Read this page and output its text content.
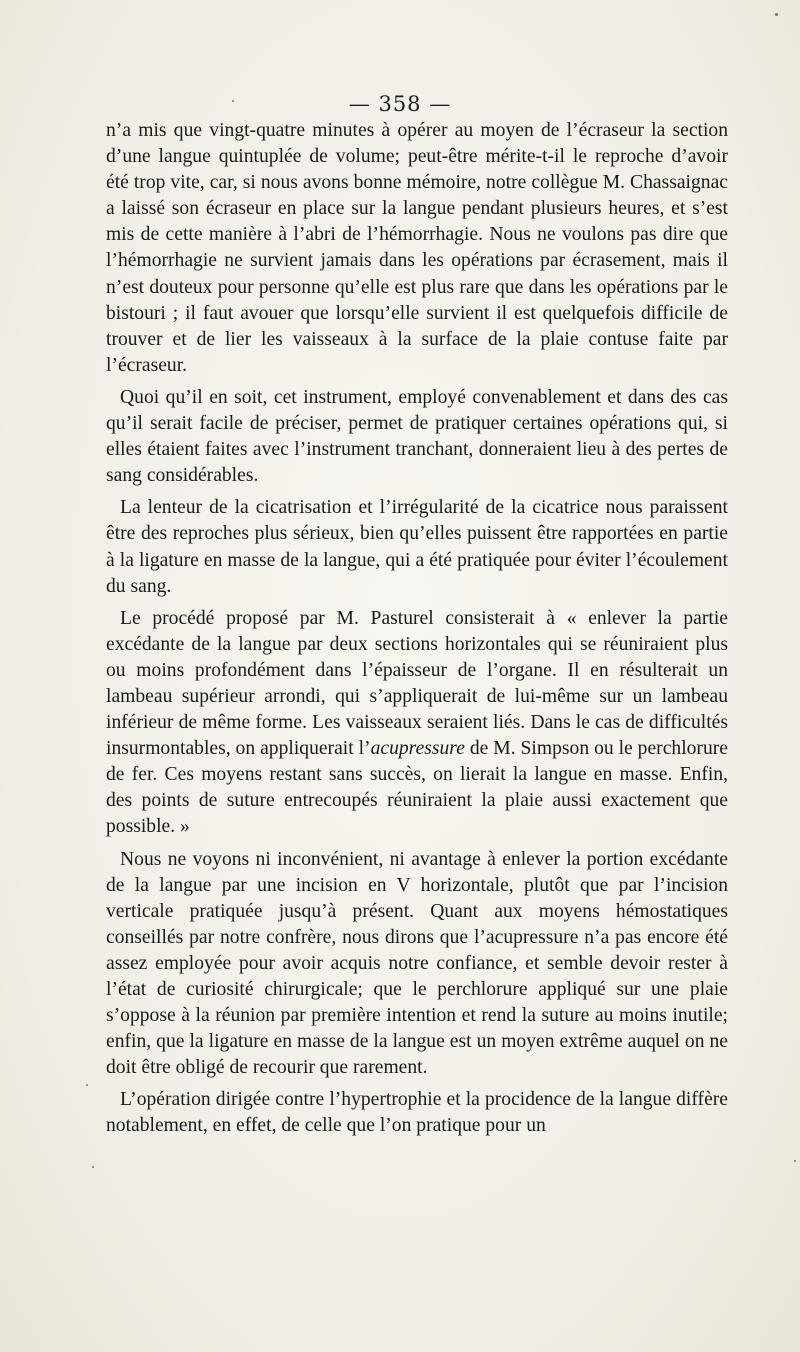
— 358 —

n’a mis que vingt-quatre minutes à opérer au moyen de l’écraseur la section d’une langue quintuplée de volume; peut-être mérite-t-il le reproche d’avoir été trop vite, car, si nous avons bonne mémoire, notre collègue M. Chassaignac a laissé son écraseur en place sur la langue pendant plusieurs heures, et s’est mis de cette manière à l’abri de l’hémorrhagie. Nous ne voulons pas dire que l’hémorrhagie ne survient jamais dans les opérations par écrasement, mais il n’est douteux pour personne qu’elle est plus rare que dans les opérations par le bistouri ; il faut avouer que lorsqu’elle survient il est quelquefois difficile de trouver et de lier les vaisseaux à la surface de la plaie contuse faite par l’écraseur.

Quoi qu’il en soit, cet instrument, employé convenablement et dans des cas qu’il serait facile de préciser, permet de pratiquer certaines opérations qui, si elles étaient faites avec l’instrument tranchant, donneraient lieu à des pertes de sang considérables.

La lenteur de la cicatrisation et l’irrégularité de la cicatrice nous paraissent être des reproches plus sérieux, bien qu’elles puissent être rapportées en partie à la ligature en masse de la langue, qui a été pratiquée pour éviter l’écoulement du sang.

Le procédé proposé par M. Pasturel consisterait à « enlever la partie excédante de la langue par deux sections horizontales qui se réuniraient plus ou moins profondément dans l’épaisseur de l’organe. Il en résulterait un lambeau supérieur arrondi, qui s’appliquerait de lui-même sur un lambeau inférieur de même forme. Les vaisseaux seraient liés. Dans le cas de difficultés insurmontables, on appliquerait l’acupressure de M. Simpson ou le perchlorure de fer. Ces moyens restant sans succès, on lierait la langue en masse. Enfin, des points de suture entrecoupés réuniraient la plaie aussi exactement que possible. »

Nous ne voyons ni inconvénient, ni avantage à enlever la portion excédante de la langue par une incision en V horizontale, plutôt que par l’incision verticale pratiquée jusqu’à présent. Quant aux moyens hémostatiques conseillés par notre confrère, nous dirons que l’acupressure n’a pas encore été assez employée pour avoir acquis notre confiance, et semble devoir rester à l’état de curiosité chirurgicale; que le perchlorure appliqué sur une plaie s’oppose à la réunion par première intention et rend la suture au moins inutile; enfin, que la ligature en masse de la langue est un moyen extrême auquel on ne doit être obligé de recourir que rarement.

L’opération dirigée contre l’hypertrophie et la procidence de la langue diffère notablement, en effet, de celle que l’on pratique pour un
